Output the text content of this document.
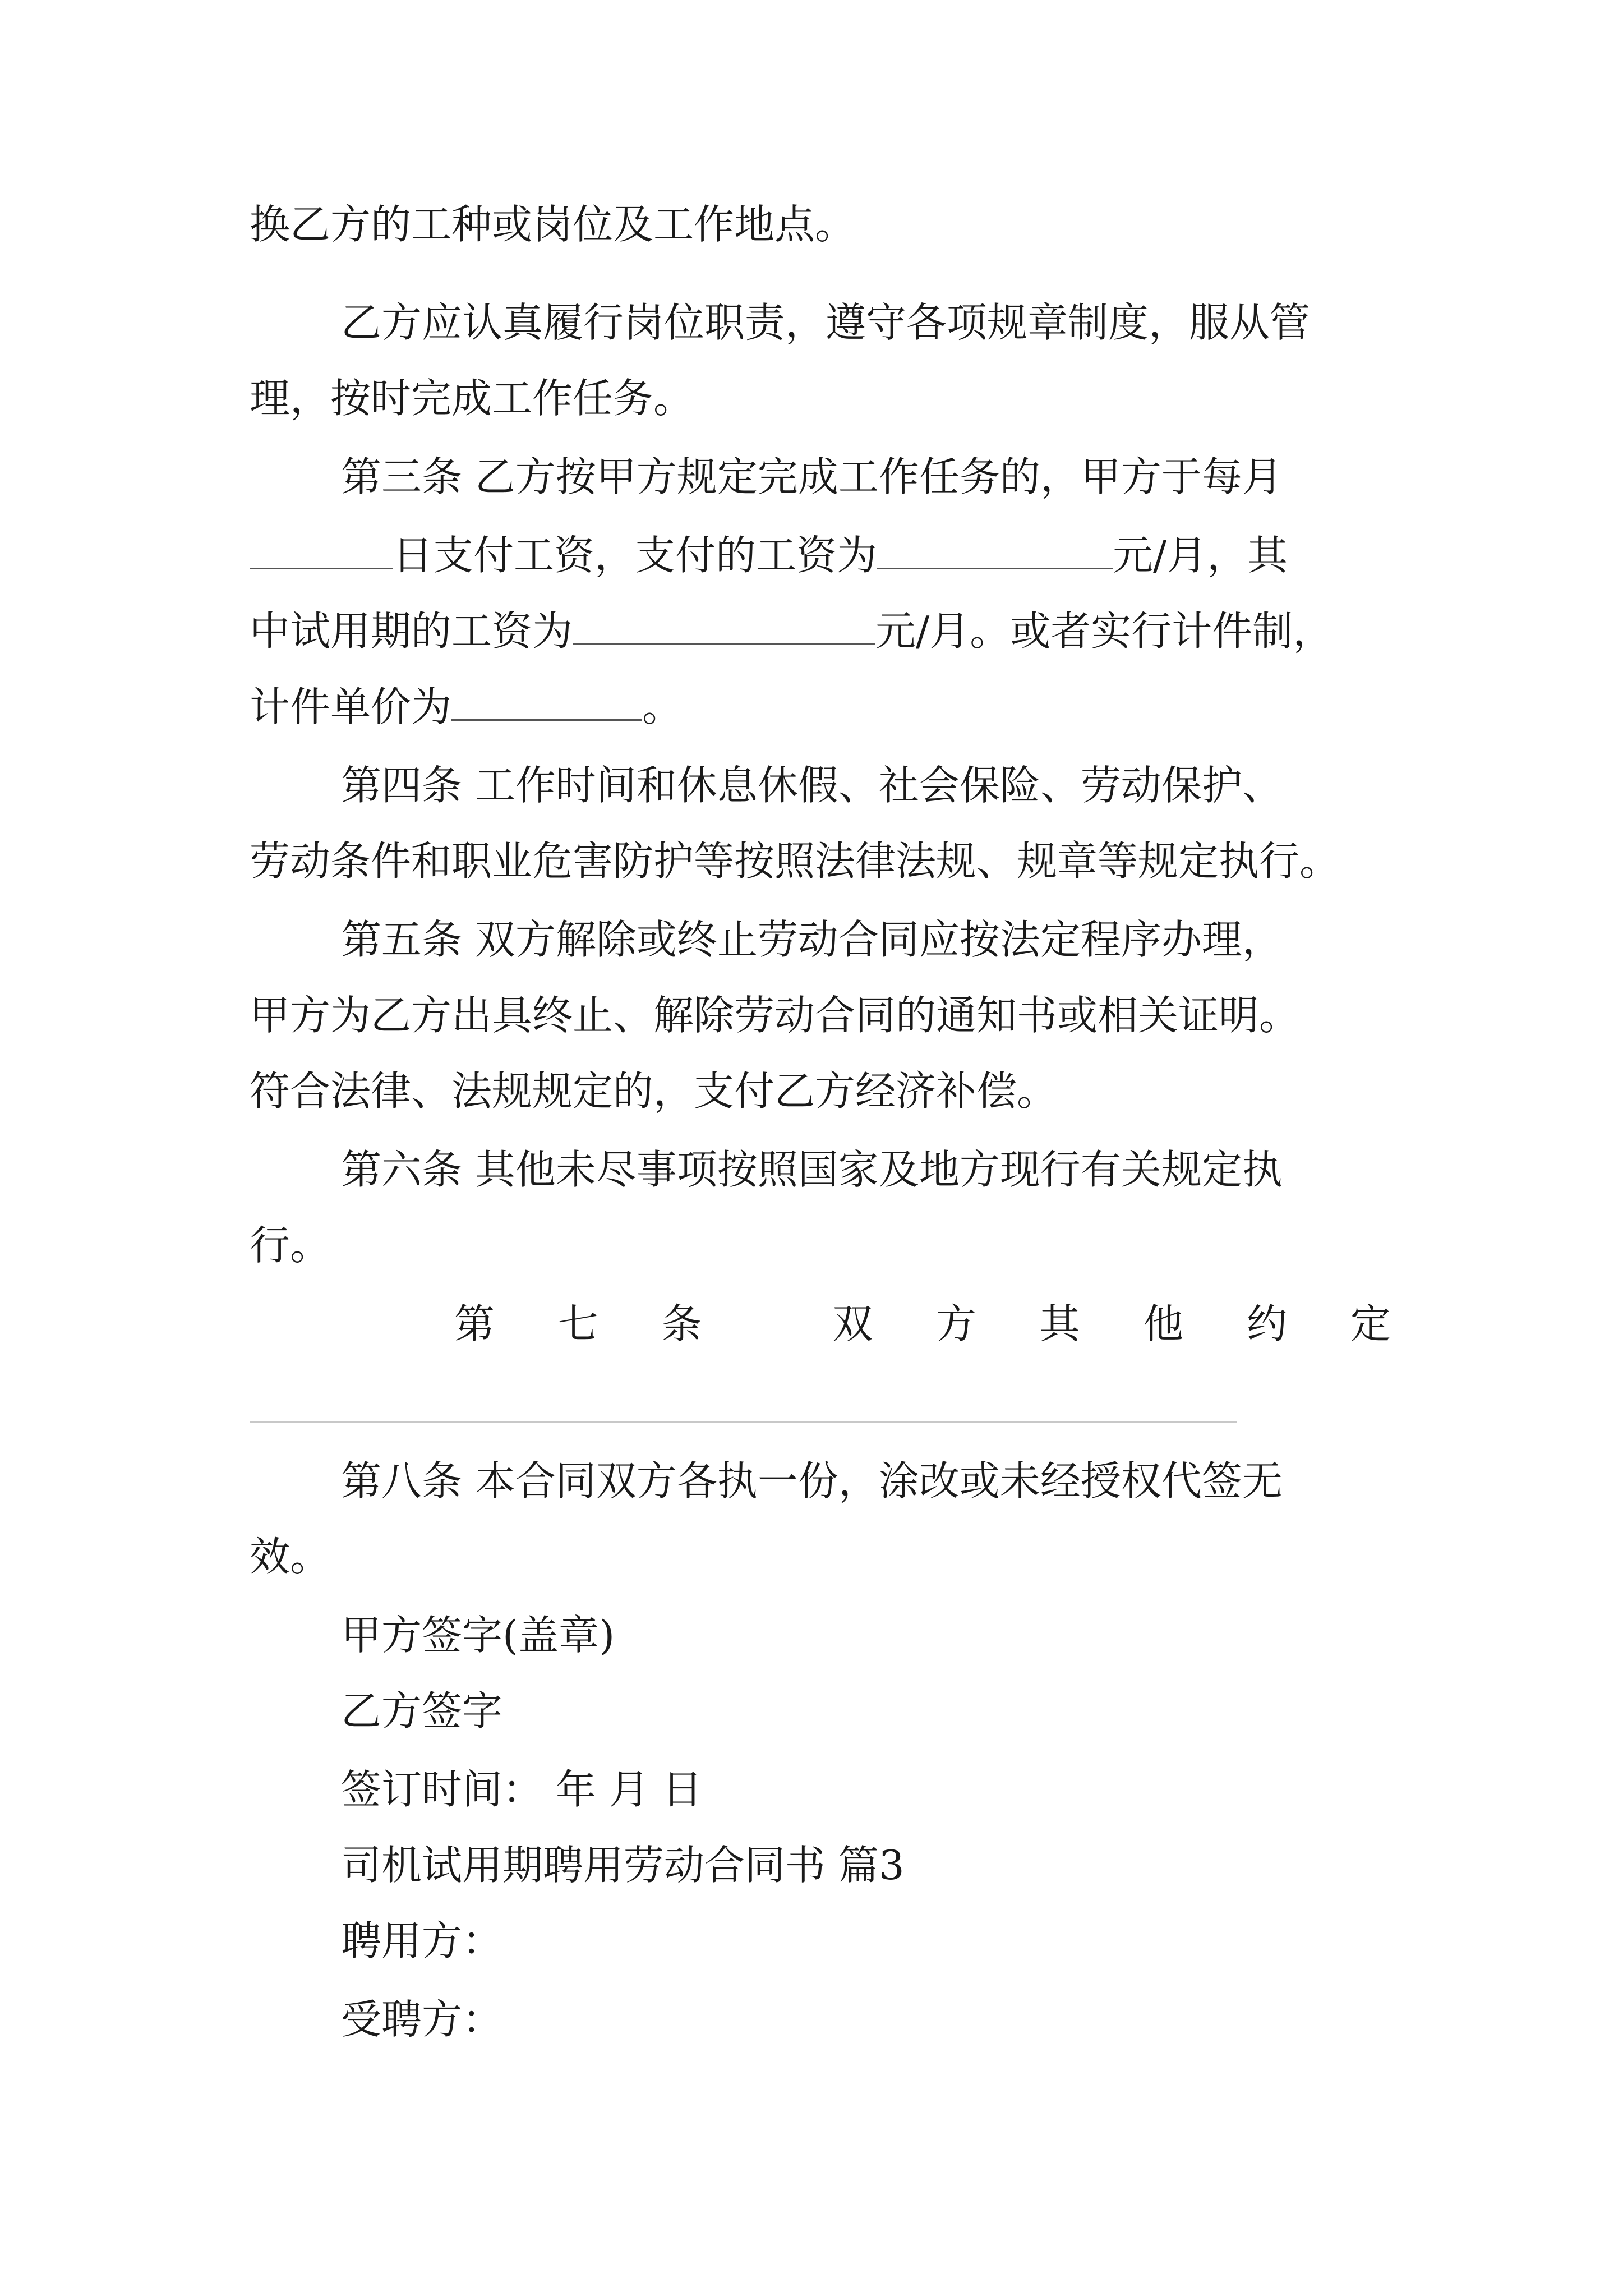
换乙方的工种或岗位及工作地点。
乙方应认真履行岗位职责，遵守各项规章制度，服从管
理，按时完成工作任务。
第三条 乙方按甲方规定完成工作任务的，甲方于每月
日支付工资，支付的工资为	元/月，其
中试用期的工资为	元/月。或者实行计件制，
计件单价为	。
第四条 工作时间和休息休假、社会保险、劳动保护、
劳动条件和职业危害防护等按照法律法规、规章等规定执行。
第五条 双方解除或终止劳动合同应按法定程序办理，
甲方为乙方出具终止、解除劳动合同的通知书或相关证明。
符合法律、法规规定的，支付乙方经济补偿。
第六条 其他未尽事项按照国家及地方现行有关规定执
行。
第 七 条	双 方 其 他 约 定
第八条 本合同双方各执一份，涂改或未经授权代签无
效。
甲方签字(盖章)
乙方签字
签订时间： 年 月 日
司机试用期聘用劳动合同书 篇3
聘用方：
受聘方：
